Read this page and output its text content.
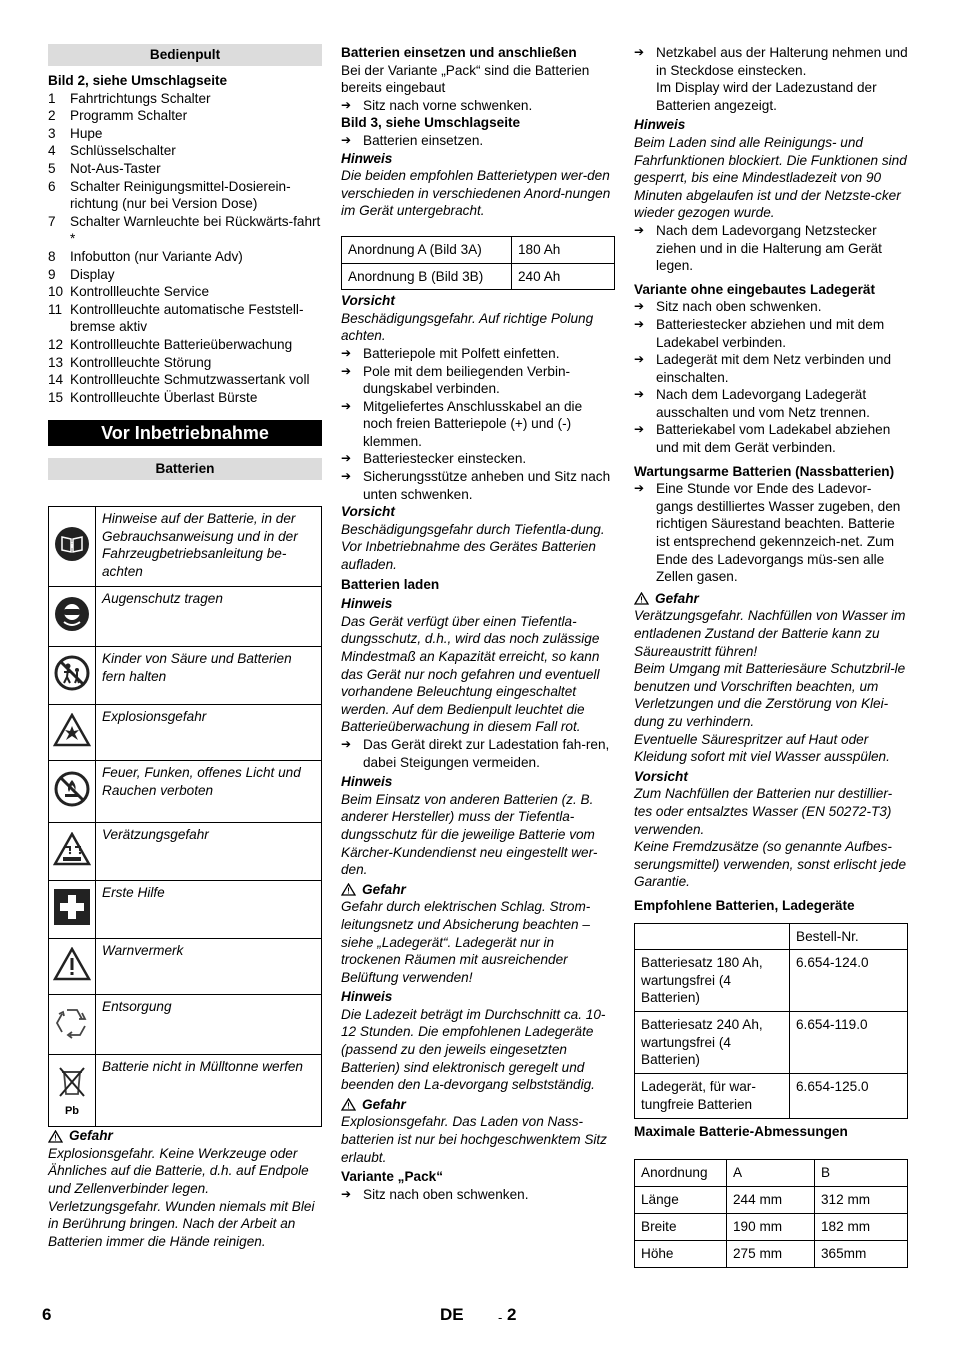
Bedienpult
Bild 2, siehe Umschlagseite
1	Fahrtrichtungs Schalter
2	Programm Schalter
3	Hupe
4	Schlüsselschalter
5	Not-Aus-Taster
6	Schalter Reinigungsmittel-Dosierein-richtung (nur bei Version Dose)
7	Schalter Warnleuchte bei Rückwärts-fahrt *
8	Infobutton (nur Variante Adv)
9	Display
10 Kontrollleuchte Service
11 Kontrollleuchte automatische Feststell-bremse aktiv
12 Kontrollleuchte Batterieüberwachung
13 Kontrollleuchte Störung
14 Kontrollleuchte Schmutzwassertank voll
15 Kontrollleuchte Überlast Bürste
Vor Inbetriebnahme
Batterien
i	Hinweise auf der Batterie, in der Gebrauchsanweisung und in der Fahrzeugbetriebsanleitung be-achten
	Augenschutz tragen
	Kinder von Säure und Batterien fern halten
	Explosionsgefahr
	Feuer, Funken, offenes Licht und Rauchen verboten
	Verätzungsgefahr
	Erste Hilfe
	Warnvermerk
	Entsorgung

Pb	Batterie nicht in Mülltonne werfen
Gefahr
Explosionsgefahr. Keine Werkzeuge oder Ähnliches auf die Batterie, d.h. auf Endpole und Zellenverbinder legen. Verletzungsgefahr. Wunden niemals mit Blei in Berührung bringen. Nach der Arbeit an Batterien immer die Hände reinigen.
Batterien einsetzen und anschließen
Bei der Variante „Pack“ sind die Batterien bereits eingebaut
➔ Sitz nach vorne schwenken.
Bild 3, siehe Umschlagseite
➔ Batterien einsetzen.
Hinweis
Die beiden empfohlen Batterietypen wer-den verschieden in verschiedenen Anord-nungen im Gerät untergebracht.
Anordnung A (Bild 3A)	180 Ah
Anordnung B (Bild 3B)	240 Ah
Vorsicht
Beschädigungsgefahr. Auf richtige Polung achten.
➔ Batteriepole mit Polfett einfetten.
➔ Pole mit dem beiliegenden Verbin-dungskabel verbinden.
➔ Mitgeliefertes Anschlusskabel an die noch freien Batteriepole (+) und (-) klemmen.
➔ Batteriestecker einstecken.
➔ Sicherungsstütze anheben und Sitz nach unten schwenken.
Vorsicht
Beschädigungsgefahr durch Tiefentla-dung. Vor Inbetriebnahme des Gerätes Batterien aufladen.
Batterien laden
Hinweis
Das Gerät verfügt über einen Tiefentla-dungsschutz, d.h., wird das noch zulässige Mindestmaß an Kapazität erreicht, so kann das Gerät nur noch gefahren und eventuell vorhandene Beleuchtung eingeschaltet werden. Auf dem Bedienpult leuchtet die Batterieüberwachung in diesem Fall rot.
➔ Das Gerät direkt zur Ladestation fah-ren, dabei Steigungen vermeiden.
Hinweis
Beim Einsatz von anderen Batterien (z. B. anderer Hersteller) muss der Tiefentla-dungsschutz für die jeweilige Batterie vom Kärcher-Kundendienst neu eingestellt wer-den.
Gefahr
Gefahr durch elektrischen Schlag. Strom-leitungsnetz und Absicherung beachten – siehe „Ladegerät“. Ladegerät nur in trockenen Räumen mit ausreichender Belüftung verwenden!
Hinweis
Die Ladezeit beträgt im Durchschnitt ca. 10-12 Stunden. Die empfohlenen Ladegeräte (passend zu den jeweils eingesetzten Batterien) sind elektronisch geregelt und beenden den La-devorgang selbstständig.
Gefahr
Explosionsgefahr. Das Laden von Nass-batterien ist nur bei hochgeschwenktem Sitz erlaubt.
Variante „Pack“
➔ Sitz nach oben schwenken.
➔ Netzkabel aus der Halterung nehmen und in Steckdose einstecken.
Im Display wird der Ladezustand der Batterien angezeigt.
Hinweis
Beim Laden sind alle Reinigungs- und Fahrfunktionen blockiert. Die Funktionen sind gesperrt, bis eine Mindestladezeit von 90 Minuten abgelaufen ist und der Netzste-cker wieder gezogen wurde.
➔ Nach dem Ladevorgang Netzstecker ziehen und in die Halterung am Gerät legen.
Variante ohne eingebautes Ladegerät
➔ Sitz nach oben schwenken.
➔ Batteriestecker abziehen und mit dem Ladekabel verbinden.
➔ Ladegerät mit dem Netz verbinden und einschalten.
➔ Nach dem Ladevorgang Ladegerät ausschalten und vom Netz trennen.
➔ Batteriekabel vom Ladekabel abziehen und mit dem Gerät verbinden.
Wartungsarme Batterien (Nassbatterien)
➔ Eine Stunde vor Ende des Ladevor-gangs destilliertes Wasser zugeben, den richtigen Säurestand beachten. Batterie ist entsprechend gekennzeich-net. Zum Ende des Ladevorgangs müs-sen alle Zellen gasen.
Gefahr
Verätzungsgefahr. Nachfüllen von Wasser im entladenen Zustand der Batterie kann zu Säureaustritt führen!
Beim Umgang mit Batteriesäure Schutzbril-le benutzen und Vorschriften beachten, um Verletzungen und die Zerstörung von Klei-dung zu verhindern.
Eventuelle Säurespritzer auf Haut oder Kleidung sofort mit viel Wasser ausspülen.
Vorsicht
Zum Nachfüllen der Batterien nur destillier-tes oder entsalztes Wasser (EN 50272-T3) verwenden.
Keine Fremdzusätze (so genannte Aufbes-serungsmittel) verwenden, sonst erlischt jede Garantie.
Empfohlene Batterien, Ladegeräte
	Bestell-Nr.
Batteriesatz 180 Ah, wartungsfrei (4 Batterien)	6.654-124.0
Batteriesatz 240 Ah, wartungsfrei (4 Batterien)	6.654-119.0
Ladegerät, für war-tungfreie Batterien	6.654-125.0
Maximale Batterie-Abmessungen
Anordnung	A	B
Länge	244 mm	312 mm
Breite	190 mm	182 mm
Höhe	275 mm	365mm
6	DE	- 2
